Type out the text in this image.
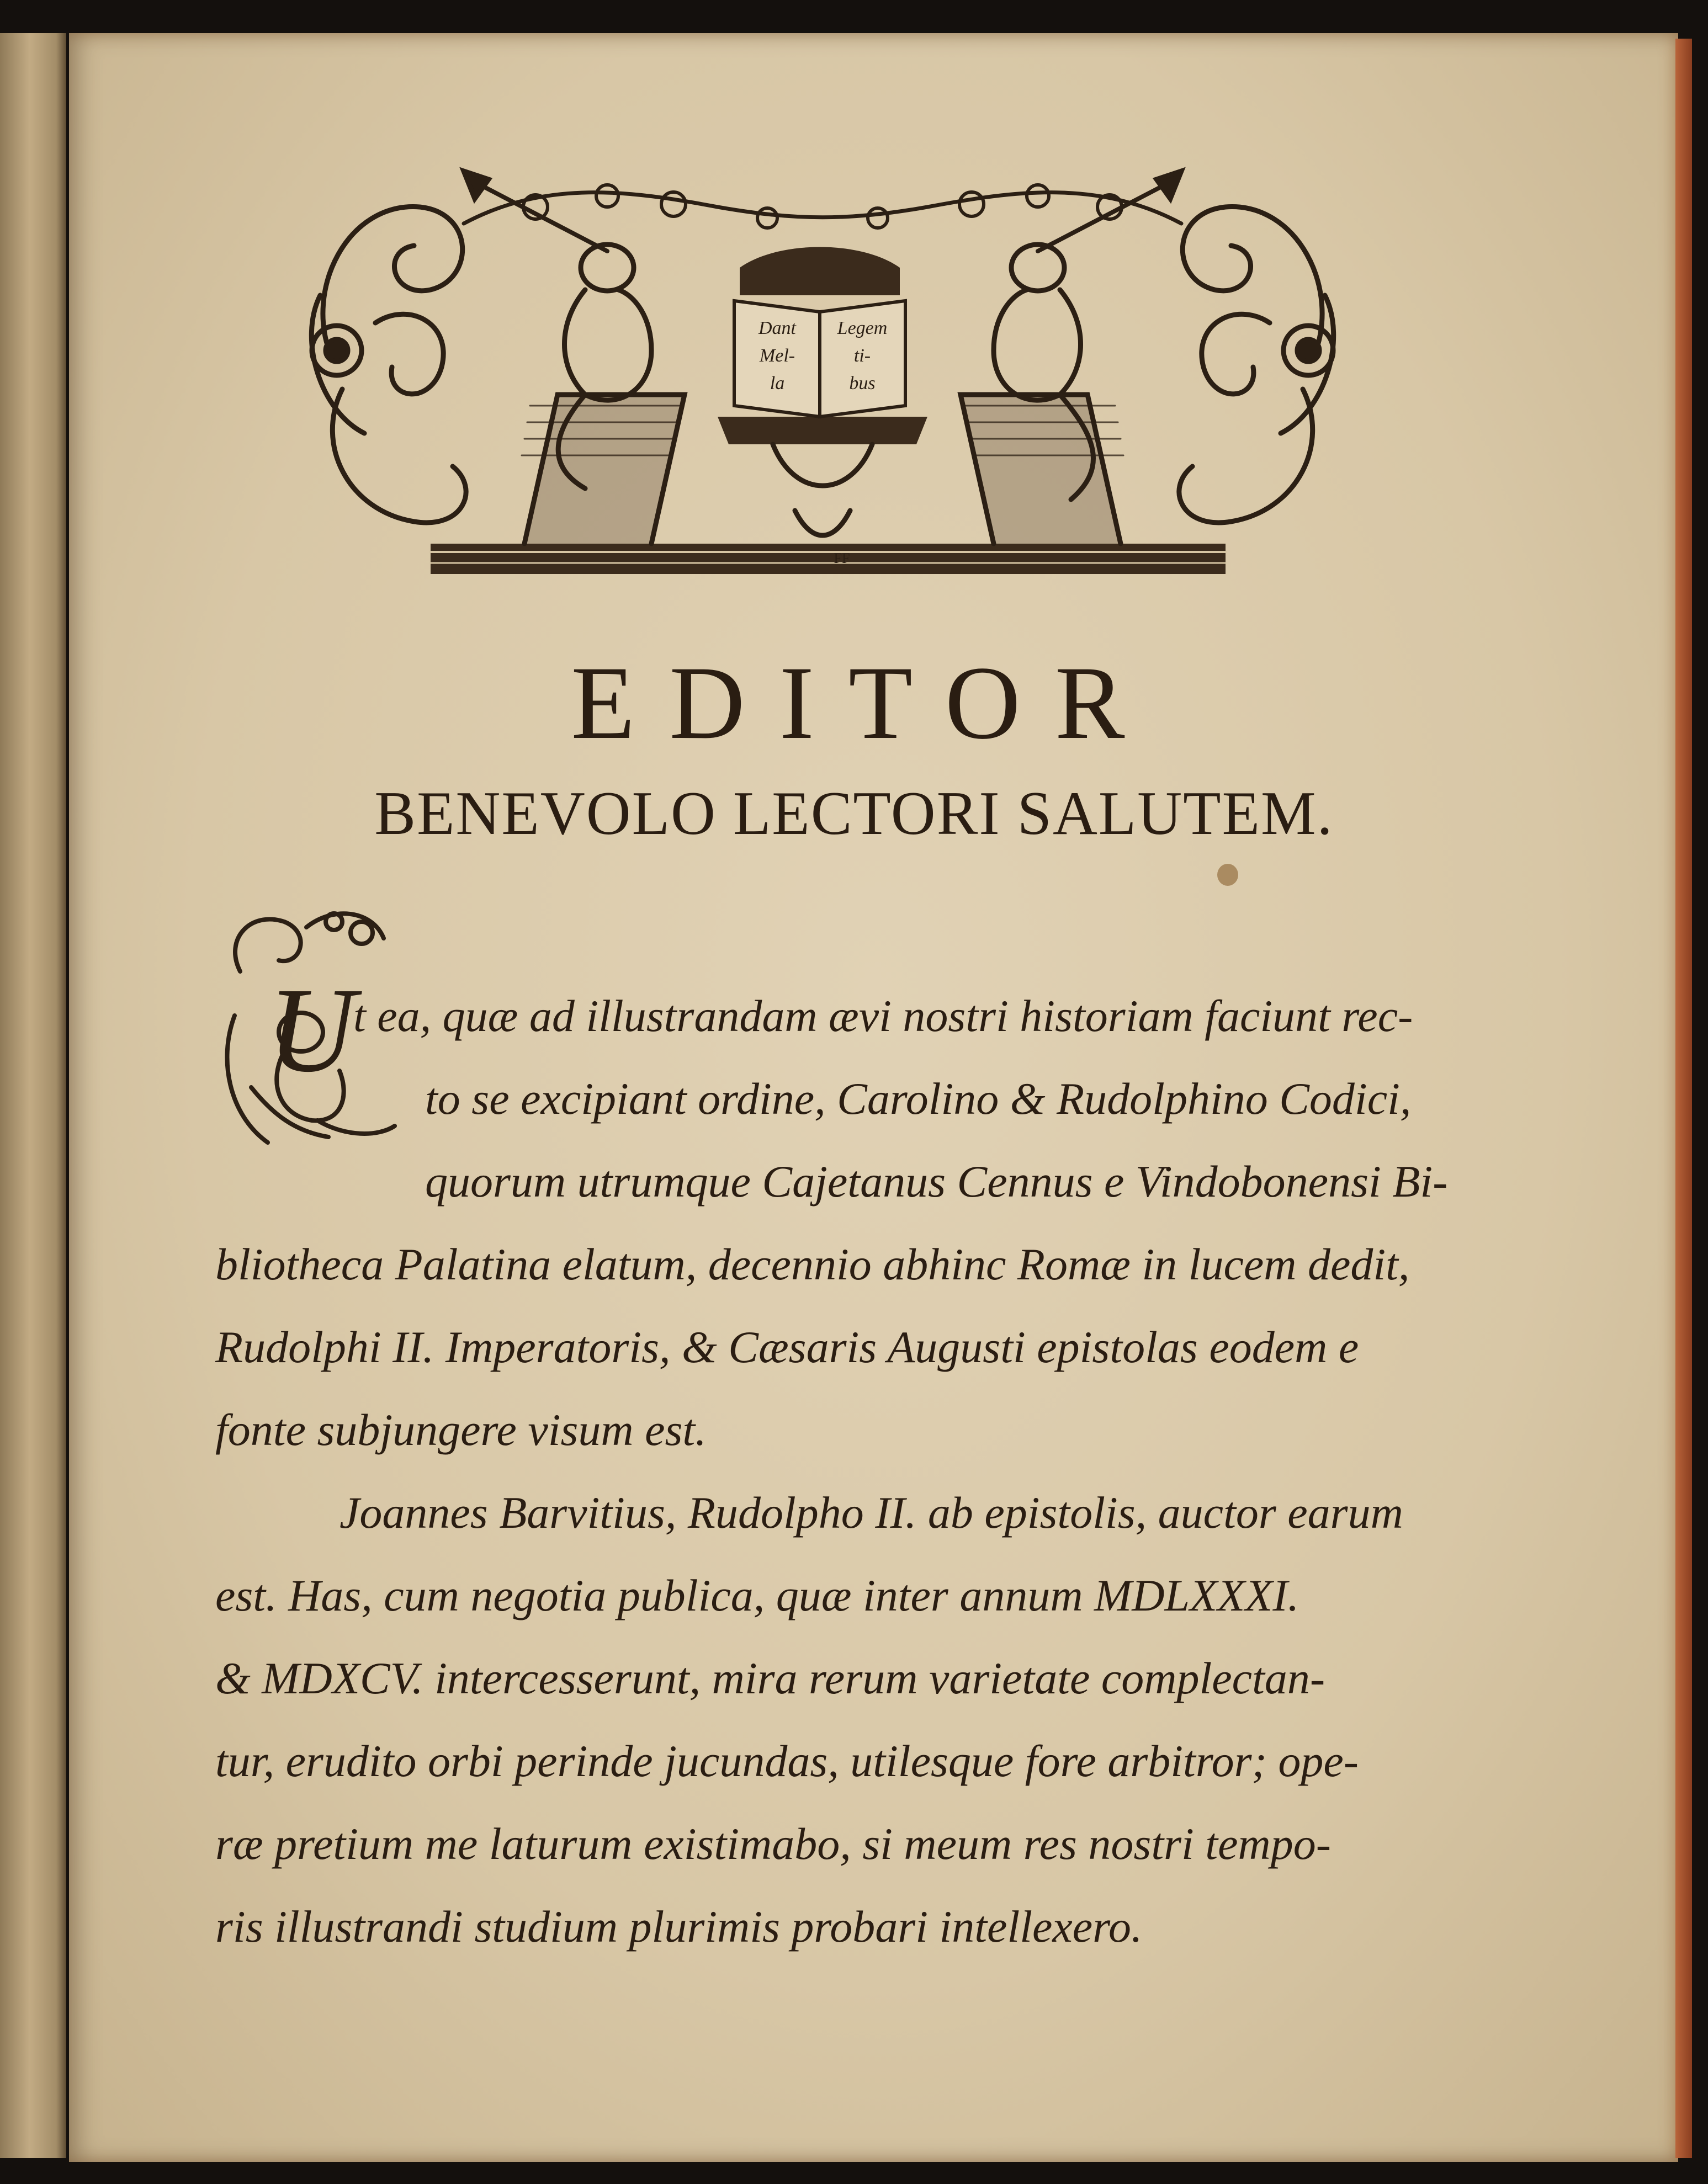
Dant Legem
Mel-	ti-
la	bus
FF
EDITOR
BENEVOLO LECTORI SALUTEM.
U
t ea, quæ ad illustrandam ævi nostri historiam faciunt rec-
to se excipiant ordine, Carolino & Rudolphino Codici,
quorum utrumque Cajetanus Cennus e Vindobonensi Bi-
bliotheca Palatina elatum, decennio abhinc Romæ in lucem dedit,
Rudolphi II. Imperatoris, & Cæsaris Augusti epistolas eodem e
fonte subjungere visum est.
Joannes Barvitius, Rudolpho II. ab epistolis, auctor earum
est. Has, cum negotia publica, quæ inter annum MDLXXXI.
& MDXCV. intercesserunt, mira rerum varietate complectan-
tur, erudito orbi perinde jucundas, utilesque fore arbitror; ope-
ræ pretium me laturum existimabo, si meum res nostri tempo-
ris illustrandi studium plurimis probari intellexero.
